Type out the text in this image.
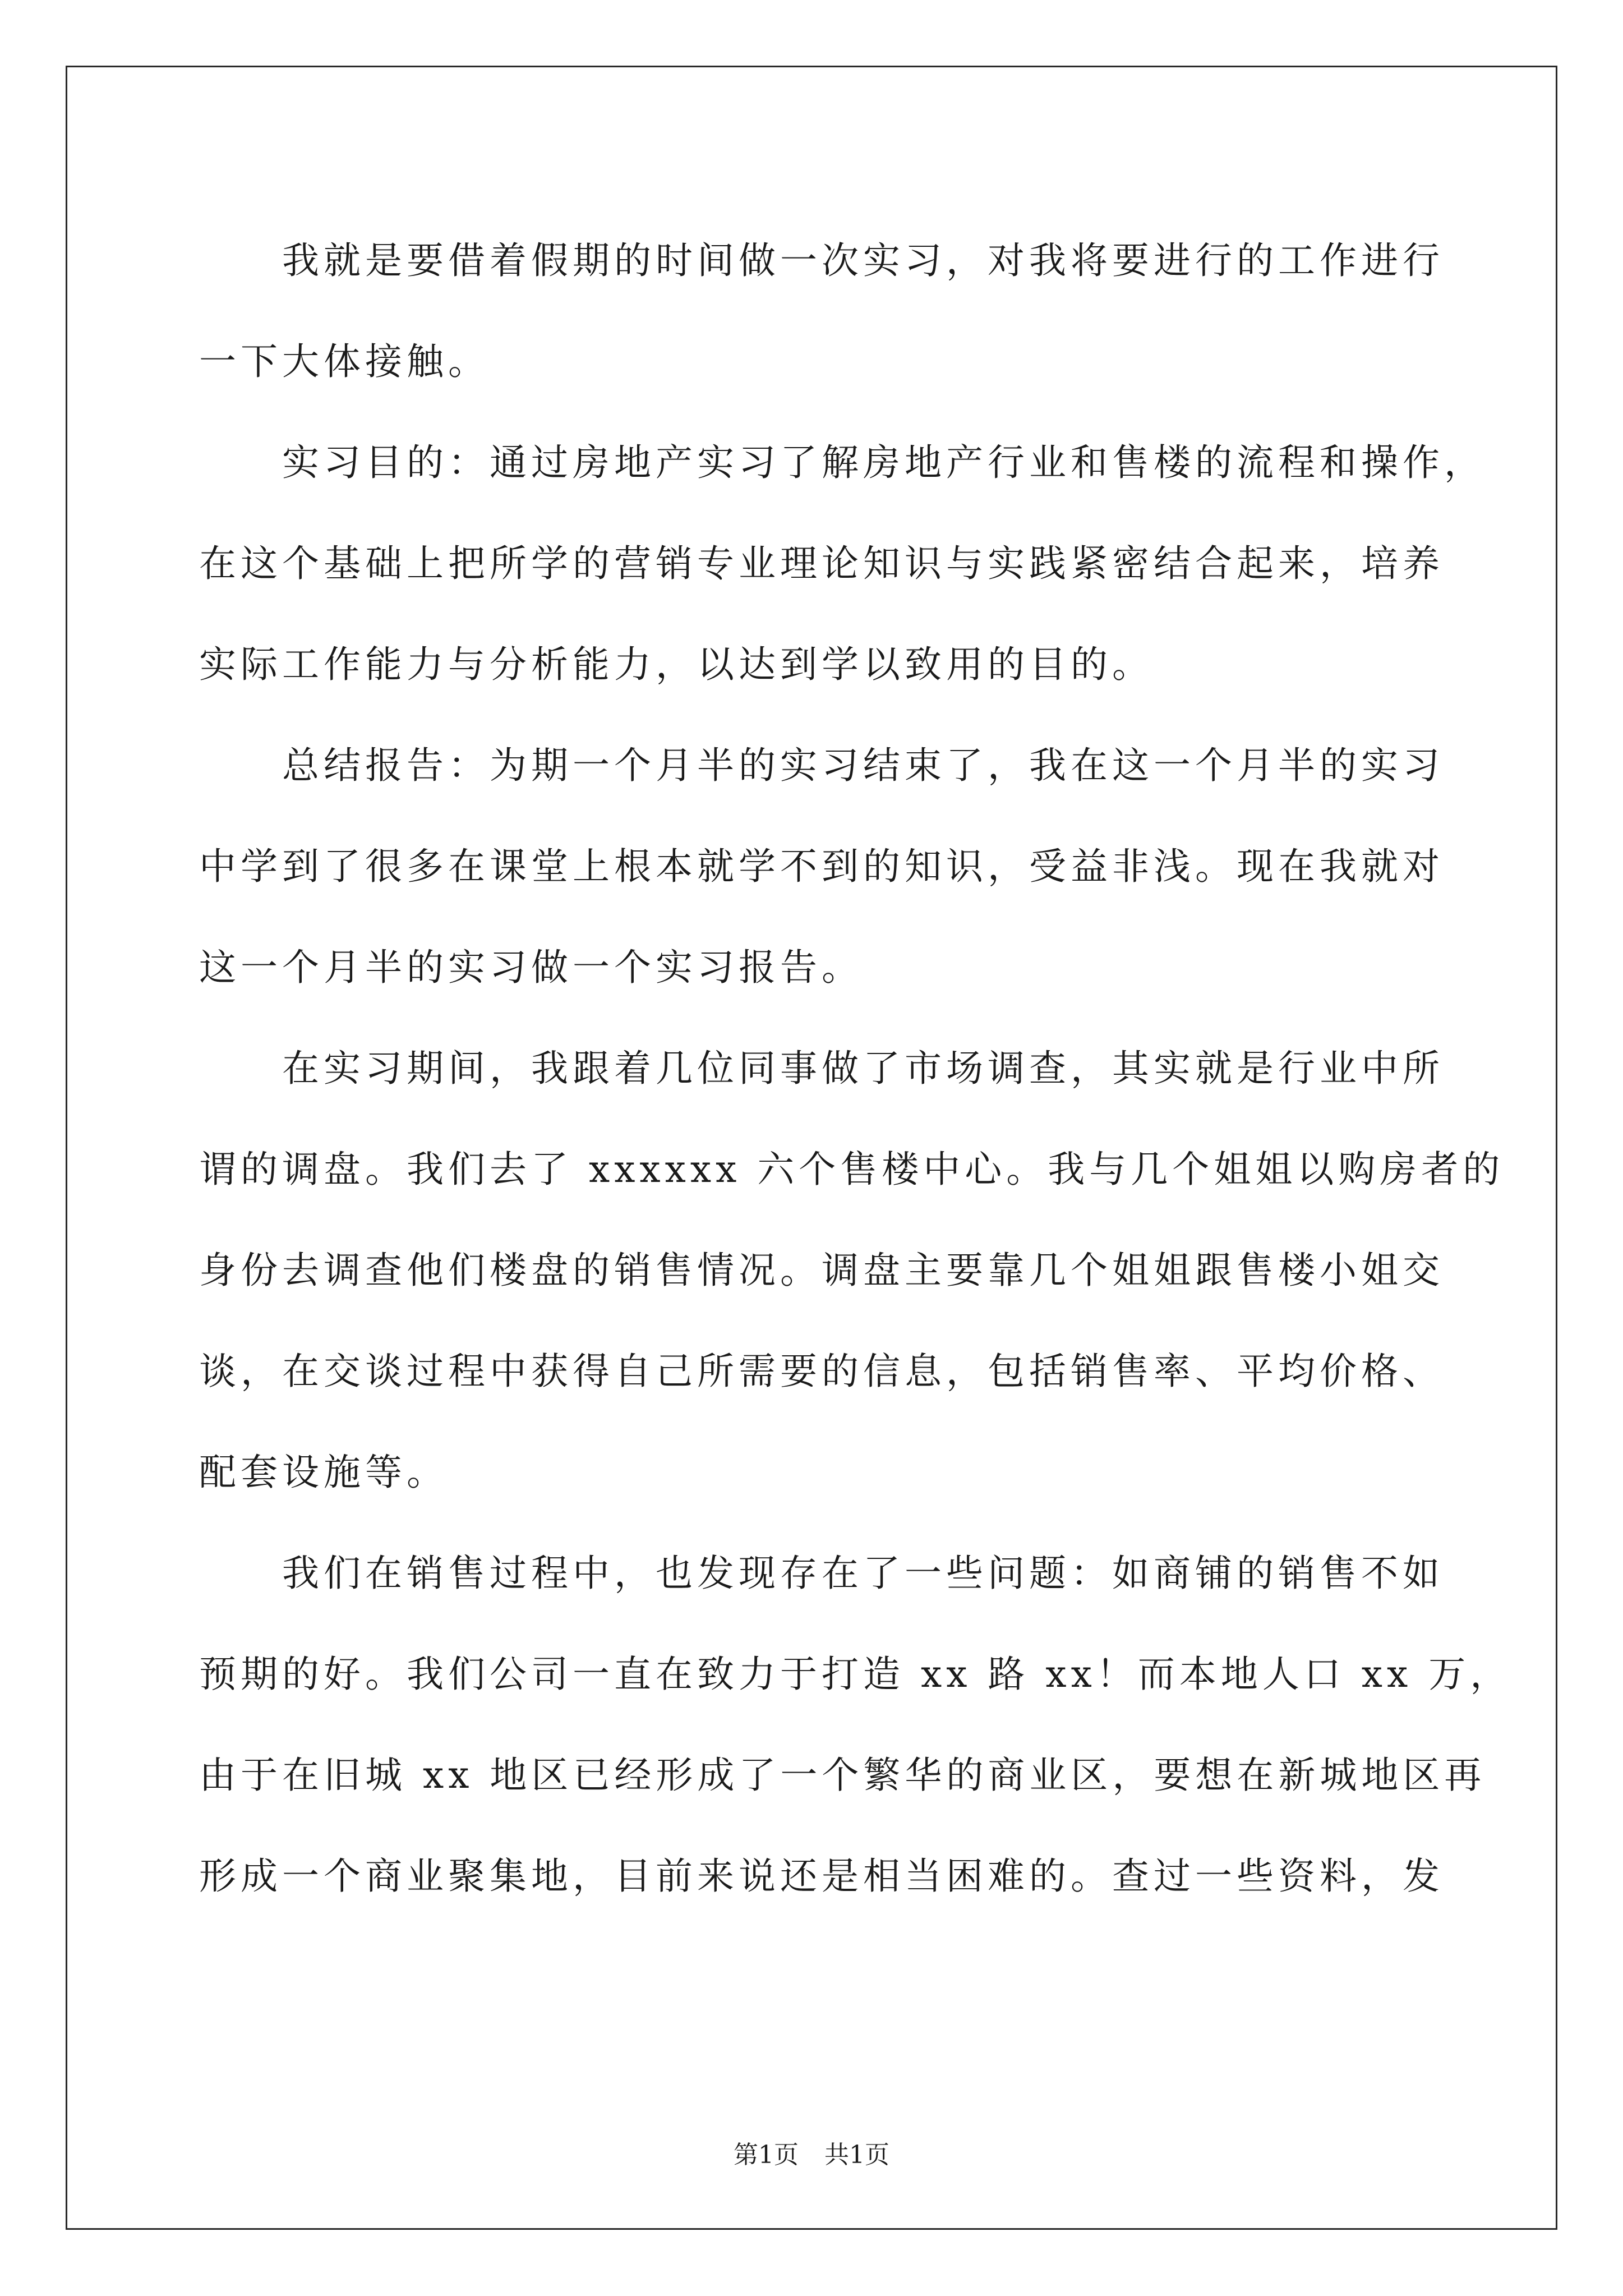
我就是要借着假期的时间做一次实习，对我将要进行的工作进行
一下大体接触。
实习目的：通过房地产实习了解房地产行业和售楼的流程和操作，
在这个基础上把所学的营销专业理论知识与实践紧密结合起来，培养
实际工作能力与分析能力，以达到学以致用的目的。
总结报告：为期一个月半的实习结束了，我在这一个月半的实习
中学到了很多在课堂上根本就学不到的知识，受益非浅。现在我就对
这一个月半的实习做一个实习报告。
在实习期间，我跟着几位同事做了市场调查，其实就是行业中所
谓的调盘。我们去了 xxxxxx 六个售楼中心。我与几个姐姐以购房者的
身份去调查他们楼盘的销售情况。调盘主要靠几个姐姐跟售楼小姐交
谈，在交谈过程中获得自己所需要的信息，包括销售率、平均价格、
配套设施等。
我们在销售过程中，也发现存在了一些问题：如商铺的销售不如
预期的好。我们公司一直在致力于打造 xx 路 xx！而本地人口 xx 万，
由于在旧城 xx 地区已经形成了一个繁华的商业区，要想在新城地区再
形成一个商业聚集地，目前来说还是相当困难的。查过一些资料，发
第1页 共1页
